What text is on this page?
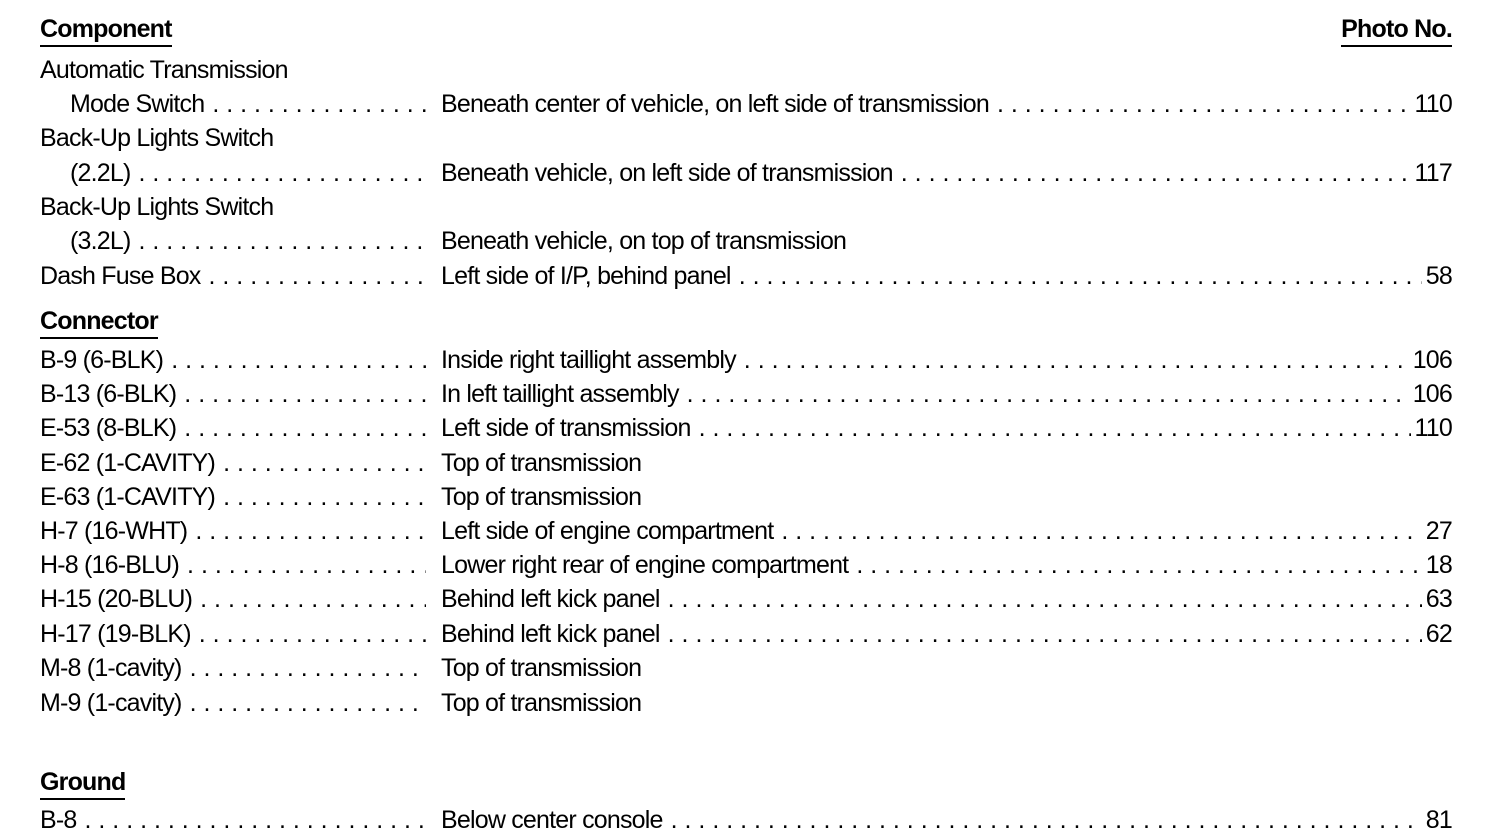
Component	Photo No.
Automatic Transmission
Mode Switch . . .	Beneath center of vehicle, on left side of transmission . . .	110
Back-Up Lights Switch
(2.2L) . . .	Beneath vehicle, on left side of transmission . . .	117
Back-Up Lights Switch
(3.2L) . . .	Beneath vehicle, on top of transmission
Dash Fuse Box . . .	Left side of I/P, behind panel . . .	58
Connector
B-9 (6-BLK) . . .	Inside right taillight assembly . . .	106
B-13 (6-BLK) . . .	In left taillight assembly . . .	106
E-53 (8-BLK) . . .	Left side of transmission . . .	110
E-62 (1-CAVITY) . . .	Top of transmission
E-63 (1-CAVITY) . . .	Top of transmission
H-7 (16-WHT) . . .	Left side of engine compartment . . .	27
H-8 (16-BLU) . . .	Lower right rear of engine compartment . . .	18
H-15 (20-BLU) . . .	Behind left kick panel . . .	63
H-17 (19-BLK) . . .	Behind left kick panel . . .	62
M-8 (1-cavity) . . .	Top of transmission
M-9 (1-cavity) . . .	Top of transmission
Ground
B-8 . . .	Below center console . . .	81
